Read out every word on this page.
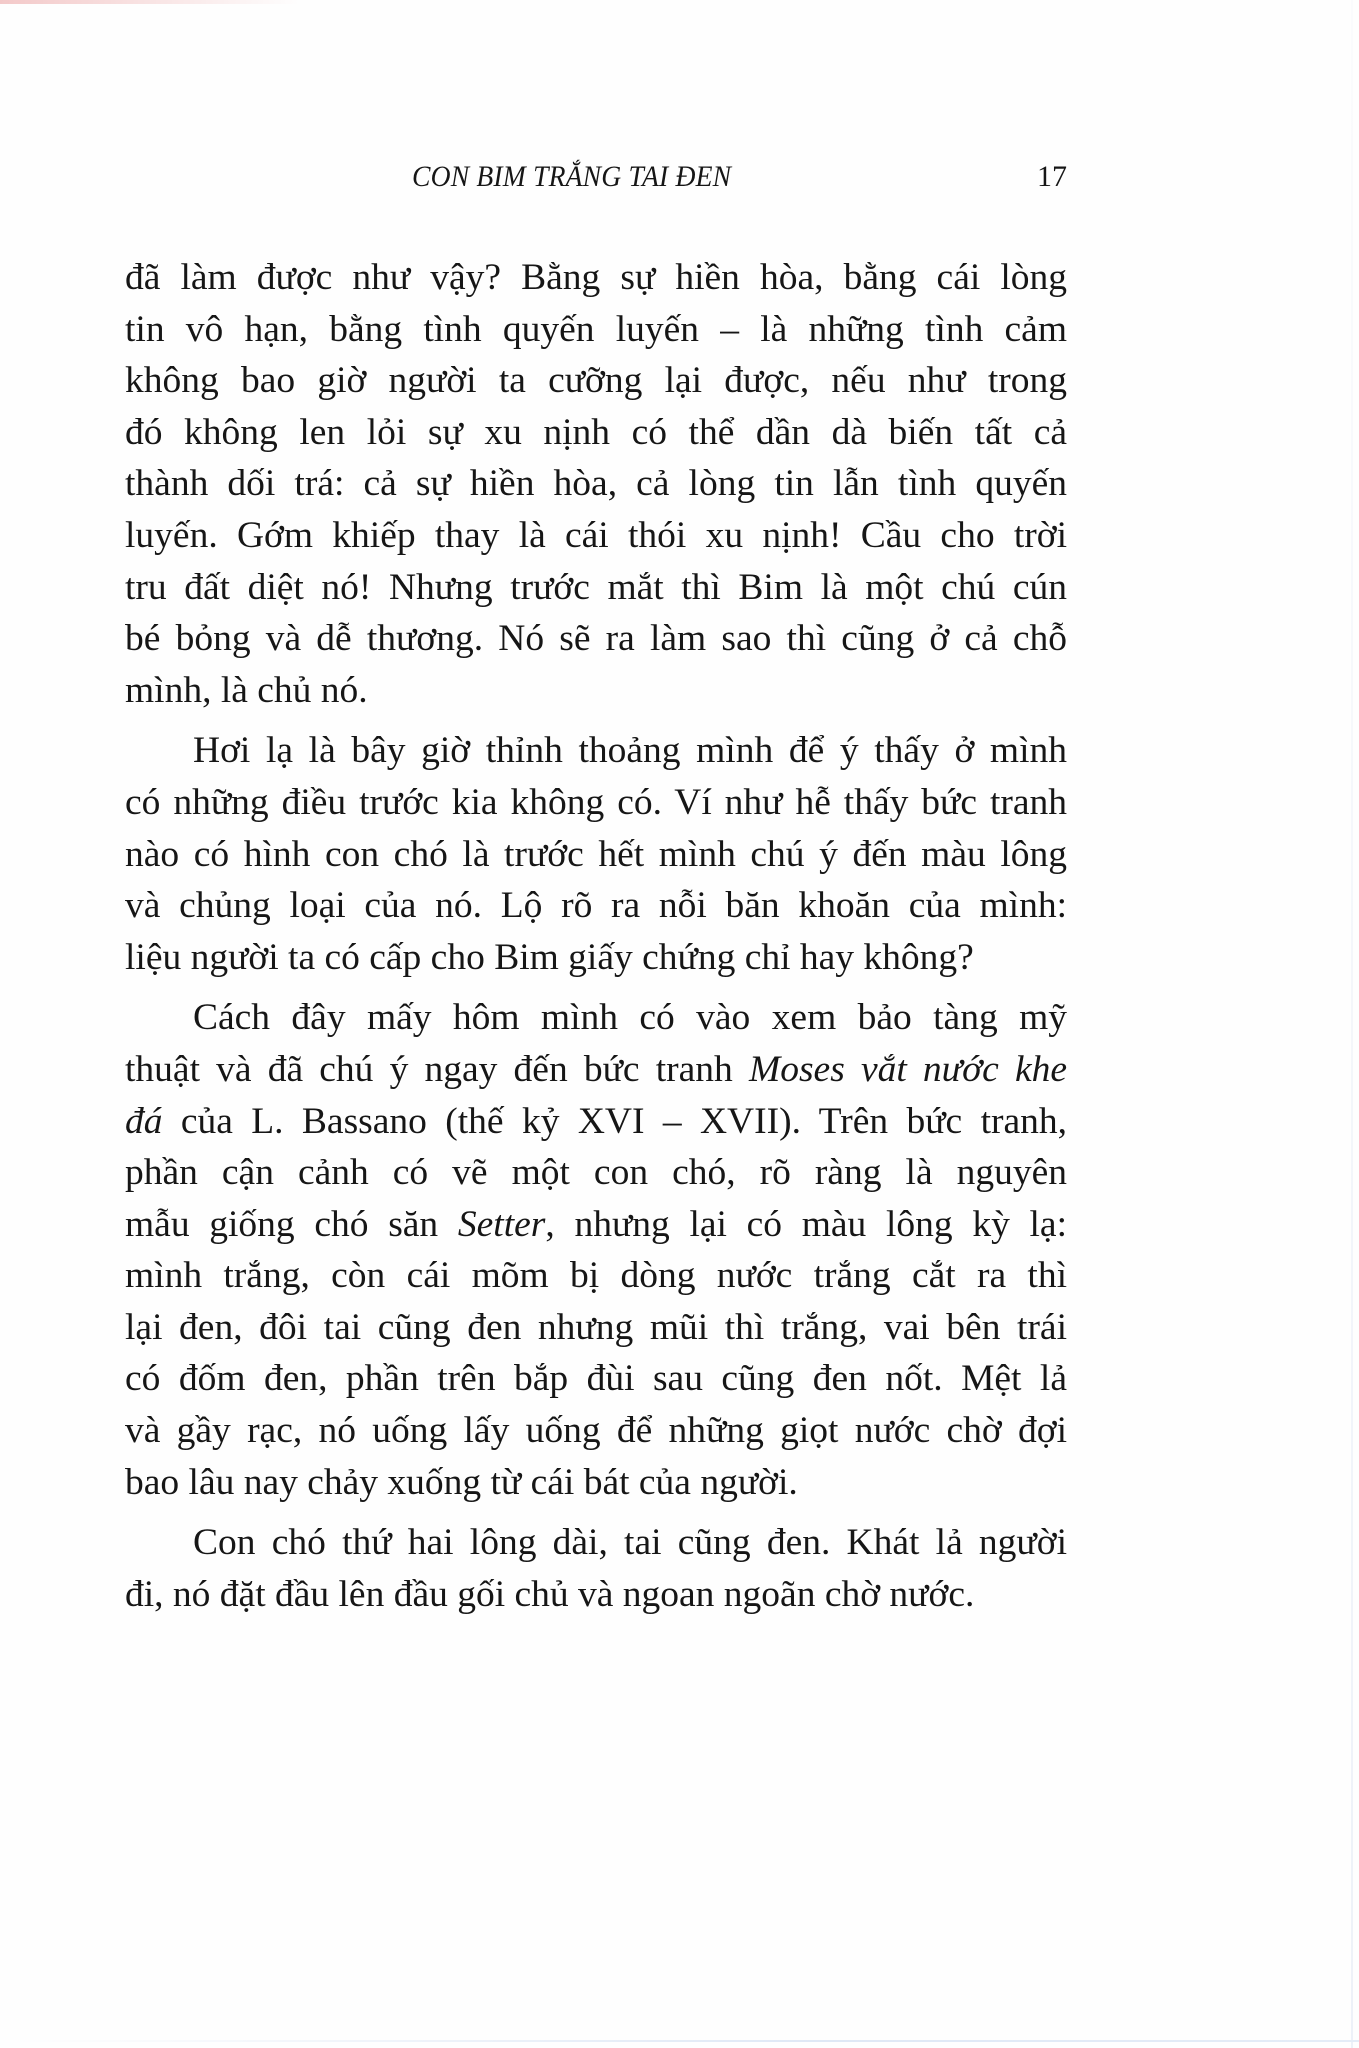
CON BIM TRẮNG TAI ĐEN	17

đã làm được như vậy? Bằng sự hiền hòa, bằng cái lòng
tin vô hạn, bằng tình quyến luyến – là những tình cảm
không bao giờ người ta cưỡng lại được, nếu như trong
đó không len lỏi sự xu nịnh có thể dần dà biến tất cả
thành dối trá: cả sự hiền hòa, cả lòng tin lẫn tình quyến
luyến. Gớm khiếp thay là cái thói xu nịnh! Cầu cho trời
tru đất diệt nó! Nhưng trước mắt thì Bim là một chú cún
bé bỏng và dễ thương. Nó sẽ ra làm sao thì cũng ở cả chỗ
mình, là chủ nó.

Hơi lạ là bây giờ thỉnh thoảng mình để ý thấy ở mình
có những điều trước kia không có. Ví như hễ thấy bức tranh
nào có hình con chó là trước hết mình chú ý đến màu lông
và chủng loại của nó. Lộ rõ ra nỗi băn khoăn của mình:
liệu người ta có cấp cho Bim giấy chứng chỉ hay không?

Cách đây mấy hôm mình có vào xem bảo tàng mỹ
thuật và đã chú ý ngay đến bức tranh Moses vắt nước khe
đá của L. Bassano (thế kỷ XVI – XVII). Trên bức tranh,
phần cận cảnh có vẽ một con chó, rõ ràng là nguyên
mẫu giống chó săn Setter, nhưng lại có màu lông kỳ lạ:
mình trắng, còn cái mõm bị dòng nước trắng cắt ra thì
lại đen, đôi tai cũng đen nhưng mũi thì trắng, vai bên trái
có đốm đen, phần trên bắp đùi sau cũng đen nốt. Mệt lả
và gầy rạc, nó uống lấy uống để những giọt nước chờ đợi
bao lâu nay chảy xuống từ cái bát của người.

Con chó thứ hai lông dài, tai cũng đen. Khát lả người
đi, nó đặt đầu lên đầu gối chủ và ngoan ngoãn chờ nước.
